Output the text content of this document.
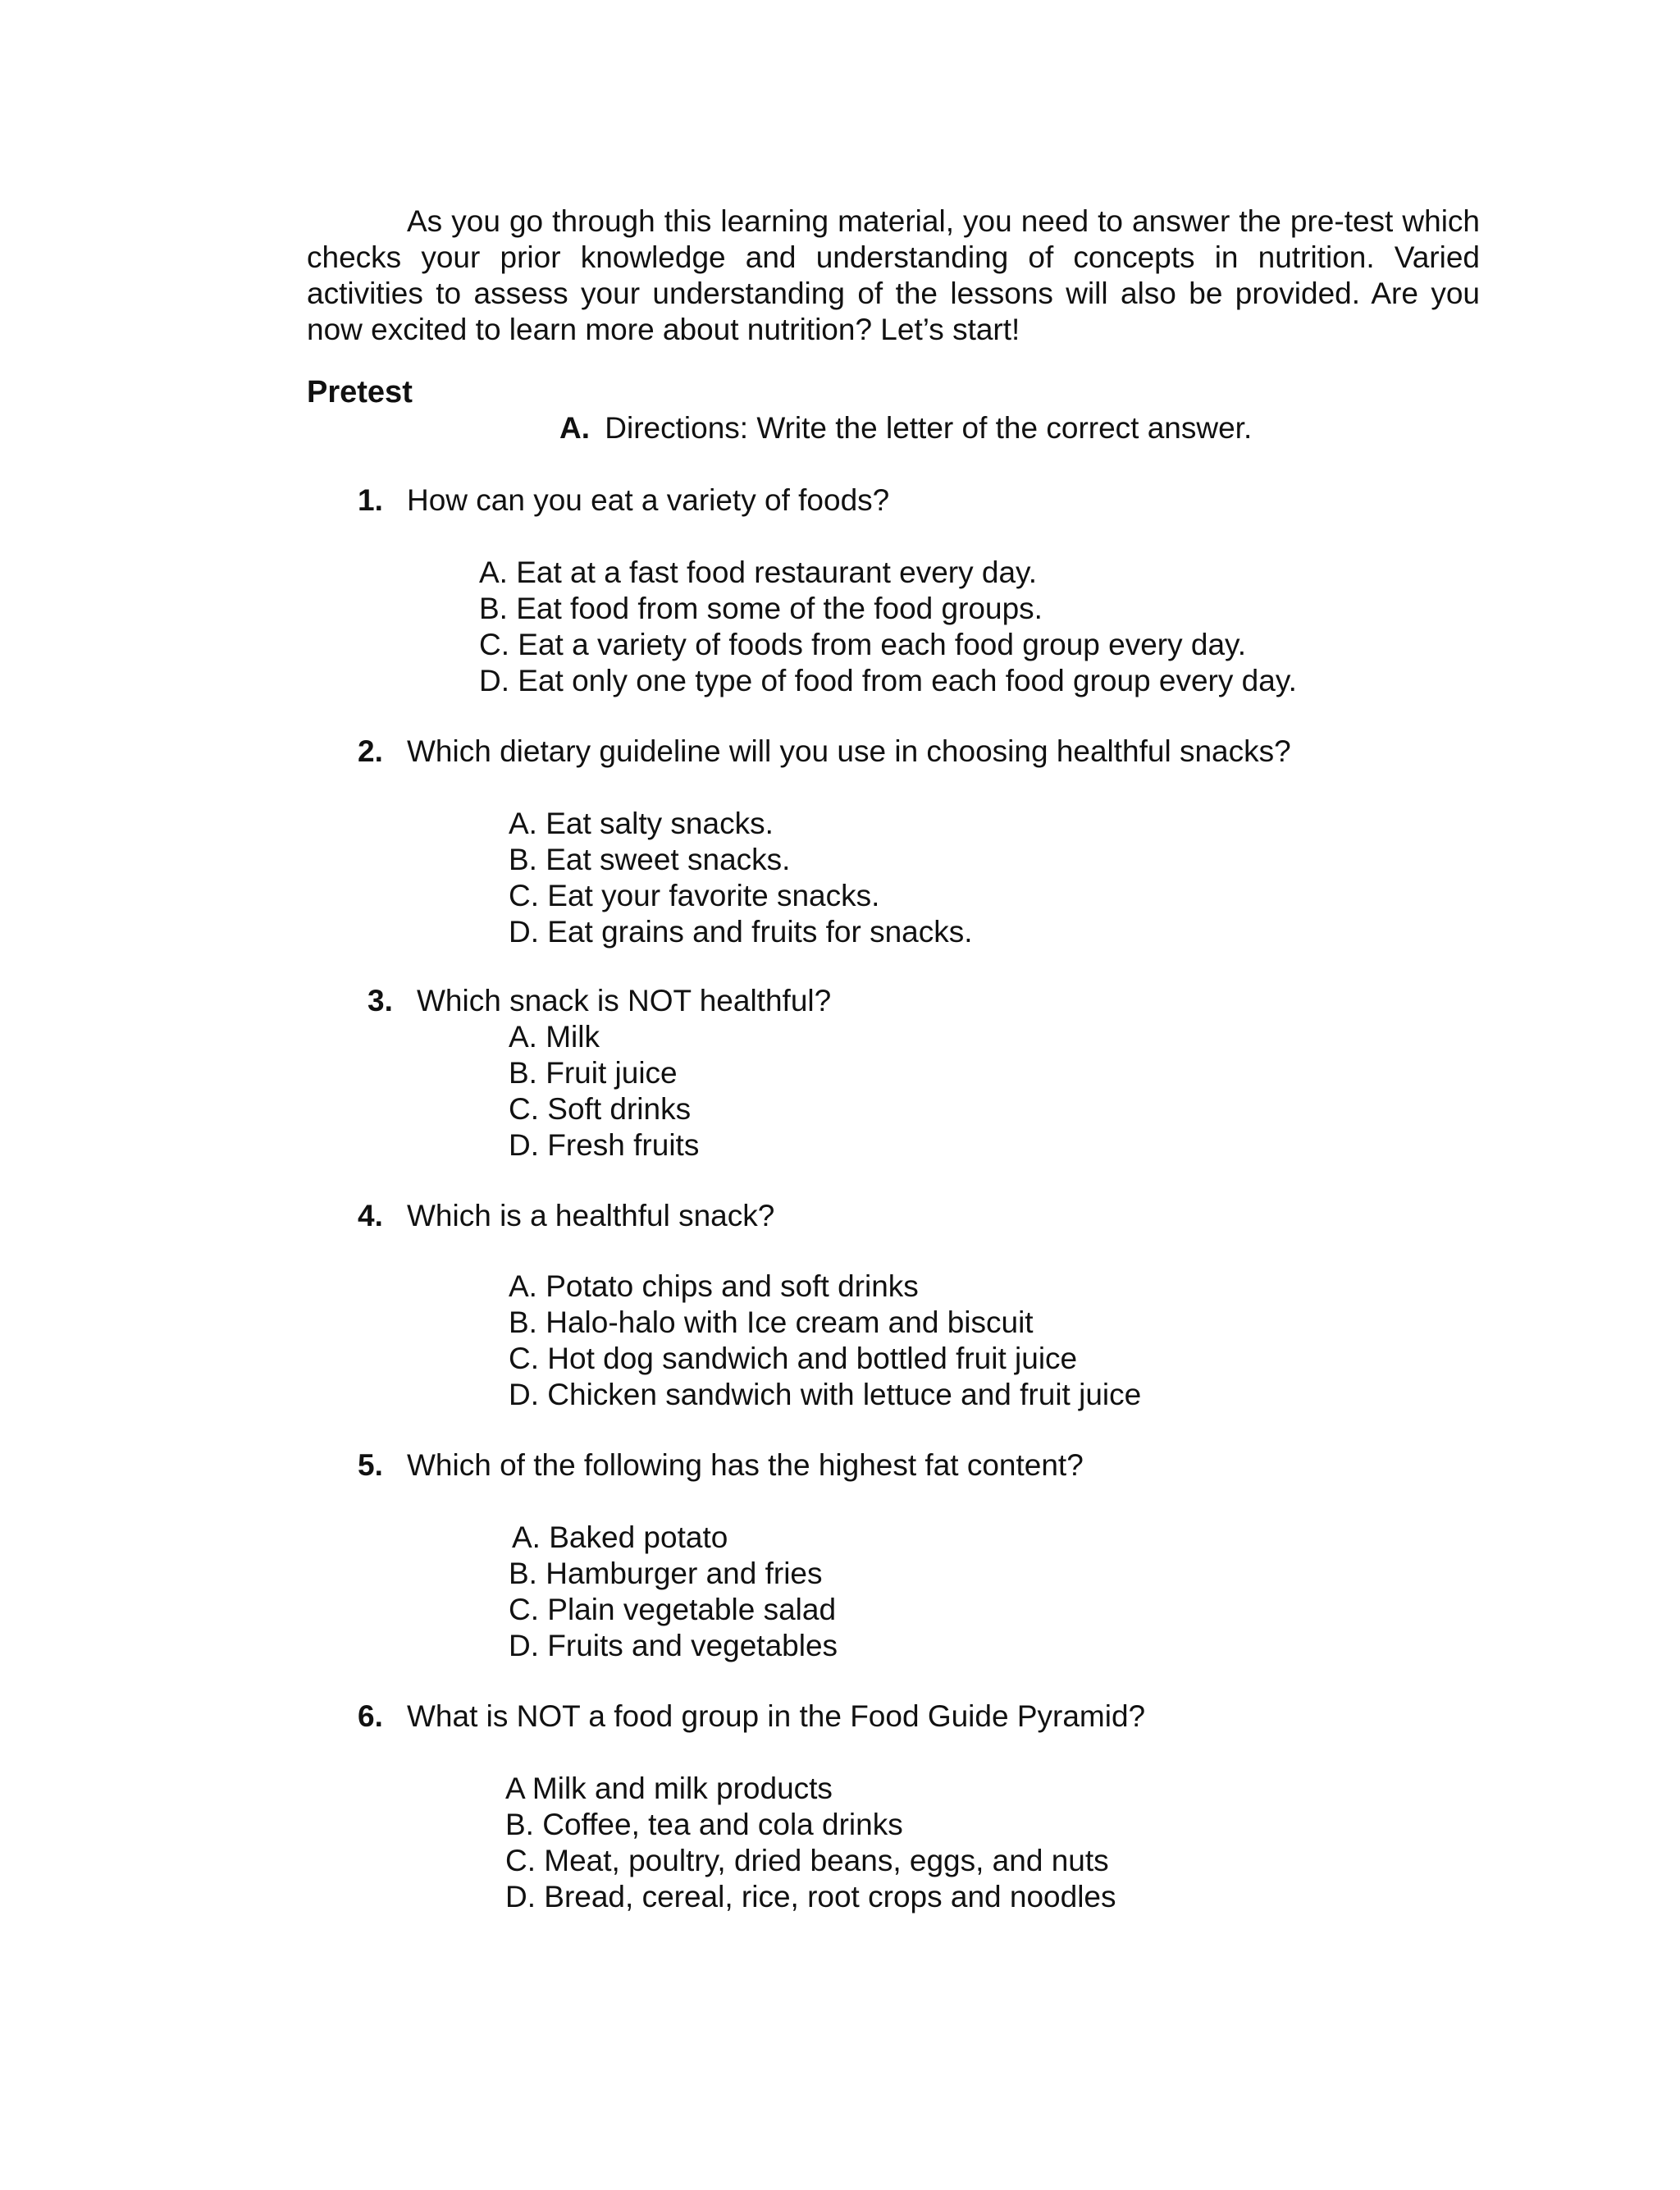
As you go through this learning material, you need to answer the pre-test which checks your prior knowledge and understanding of concepts in nutrition. Varied activities to assess your understanding of the lessons will also be provided. Are you now excited to learn more about nutrition? Let’s start!

Pretest

A. Directions: Write the letter of the correct answer.

1. How can you eat a variety of foods?

A. Eat at a fast food restaurant every day.
B. Eat food from some of the food groups.
C. Eat a variety of foods from each food group every day.
D. Eat only one type of food from each food group every day.

2. Which dietary guideline will you use in choosing healthful snacks?

A. Eat salty snacks.
B. Eat sweet snacks.
C. Eat your favorite snacks.
D. Eat grains and fruits for snacks.

3. Which snack is NOT healthful?

A. Milk
B. Fruit juice
C. Soft drinks
D. Fresh fruits

4. Which is a healthful snack?

A. Potato chips and soft drinks
B. Halo-halo with Ice cream and biscuit
C. Hot dog sandwich and bottled fruit juice
D. Chicken sandwich with lettuce and fruit juice

5. Which of the following has the highest fat content?

A. Baked potato
B. Hamburger and fries
C. Plain vegetable salad
D. Fruits and vegetables

6. What is NOT a food group in the Food Guide Pyramid?

A Milk and milk products
B. Coffee, tea and cola drinks
C. Meat, poultry, dried beans, eggs, and nuts
D. Bread, cereal, rice, root crops and noodles
